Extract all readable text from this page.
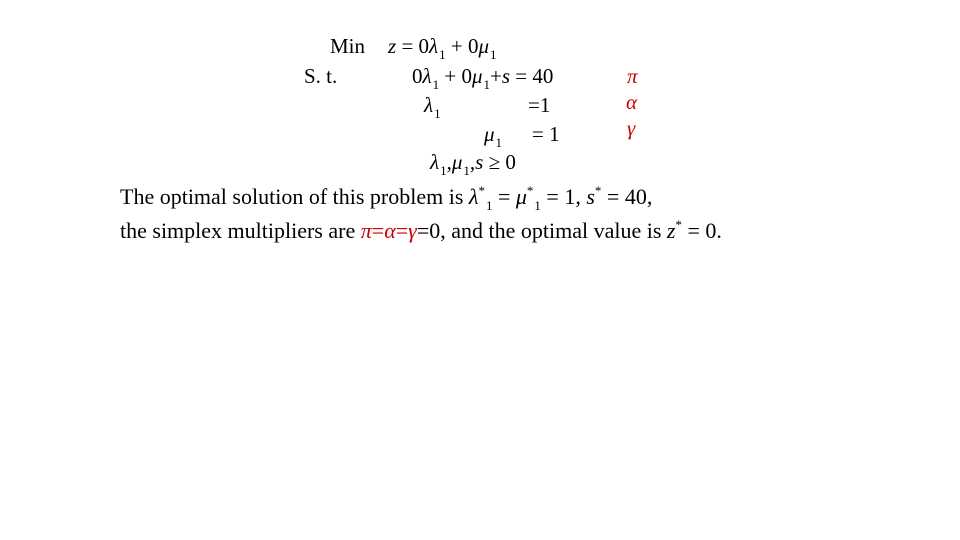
Min $z = 0\lambda_1 + 0\mu_1$
S. t.	$0\lambda_1 + 0\mu_1+s = 40$
$\lambda_1$	=1
$\mu_1 = 1$
$\lambda_1,\mu_1,s \ge 0$
π
α
γ
The optimal solution of this problem is $\lambda^*_1 = \mu^*_1 = 1$, s* = 40,
the simplex multipliers are π=α=γ=0, and the optimal value is z* = 0.
